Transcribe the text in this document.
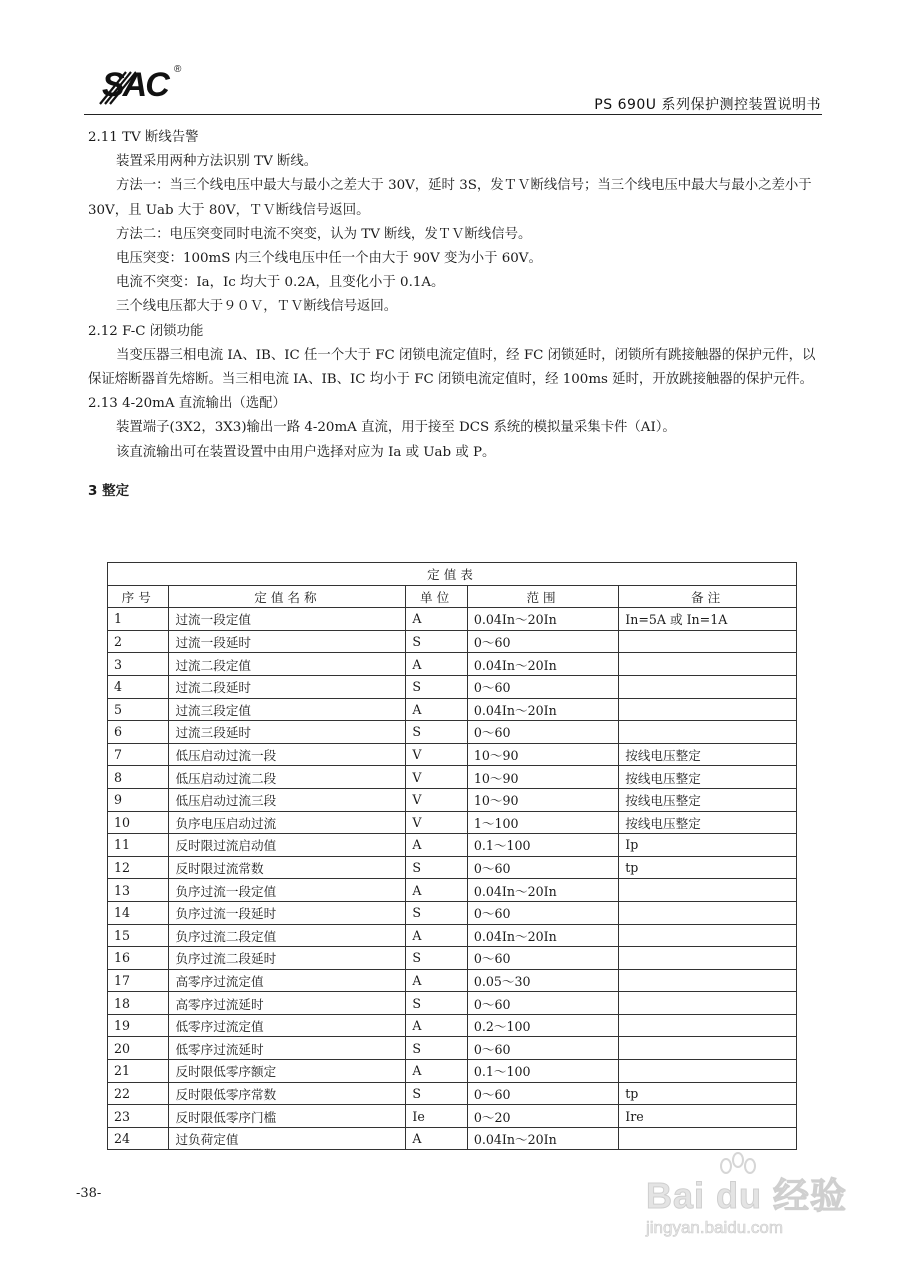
SAC ®
PS 690U 系列保护测控装置说明书

2.11 TV 断线告警

装置采用两种方法识别 TV 断线。

方法一：当三个线电压中最大与最小之差大于 30V，延时 3S，发ＴＶ断线信号；当三个线电压中最大与最小之差小于 30V，且 Uab 大于 80V，ＴＶ断线信号返回。

方法二：电压突变同时电流不突变，认为 TV 断线，发ＴＶ断线信号。

电压突变：100mS 内三个线电压中任一个由大于 90V 变为小于 60V。

电流不突变：Ia，Ic 均大于 0.2A，且变化小于 0.1A。

三个线电压都大于９０Ｖ，ＴＶ断线信号返回。

2.12 F-C 闭锁功能

当变压器三相电流 IA、IB、IC 任一个大于 FC 闭锁电流定值时，经 FC 闭锁延时，闭锁所有跳接触器的保护元件，以保证熔断器首先熔断。当三相电流 IA、IB、IC 均小于 FC 闭锁电流定值时，经 100ms 延时，开放跳接触器的保护元件。

2.13 4-20mA 直流输出（选配）

装置端子(3X2，3X3)输出一路 4-20mA 直流，用于接至 DCS 系统的模拟量采集卡件（AI）。

该直流输出可在装置设置中由用户选择对应为 Ia 或 Uab 或 P。

3 整定

定值表				
序号	定值名称	单位	范围	备注
1	过流一段定值	A	0.04In～20In	In=5A 或 In=1A
2	过流一段延时	S	0～60	
3	过流二段定值	A	0.04In～20In	
4	过流二段延时	S	0～60	
5	过流三段定值	A	0.04In～20In	
6	过流三段延时	S	0～60	
7	低压启动过流一段	V	10～90	按线电压整定
8	低压启动过流二段	V	10～90	按线电压整定
9	低压启动过流三段	V	10～90	按线电压整定
10	负序电压启动过流	V	1～100	按线电压整定
11	反时限过流启动值	A	0.1～100	Ip
12	反时限过流常数	S	0～60	tp
13	负序过流一段定值	A	0.04In～20In	
14	负序过流一段延时	S	0～60	
15	负序过流二段定值	A	0.04In～20In	
16	负序过流二段延时	S	0～60	
17	高零序过流定值	A	0.05～30	
18	高零序过流延时	S	0～60	
19	低零序过流定值	A	0.2～100	
20	低零序过流延时	S	0～60	
21	反时限低零序额定	A	0.1～100	
22	反时限低零序常数	S	0～60	tp
23	反时限低零序门槛	Ie	0～20	Ire
24	过负荷定值	A	0.04In～20In	
-38-	Bai du 经验
jingyan.baidu.com
